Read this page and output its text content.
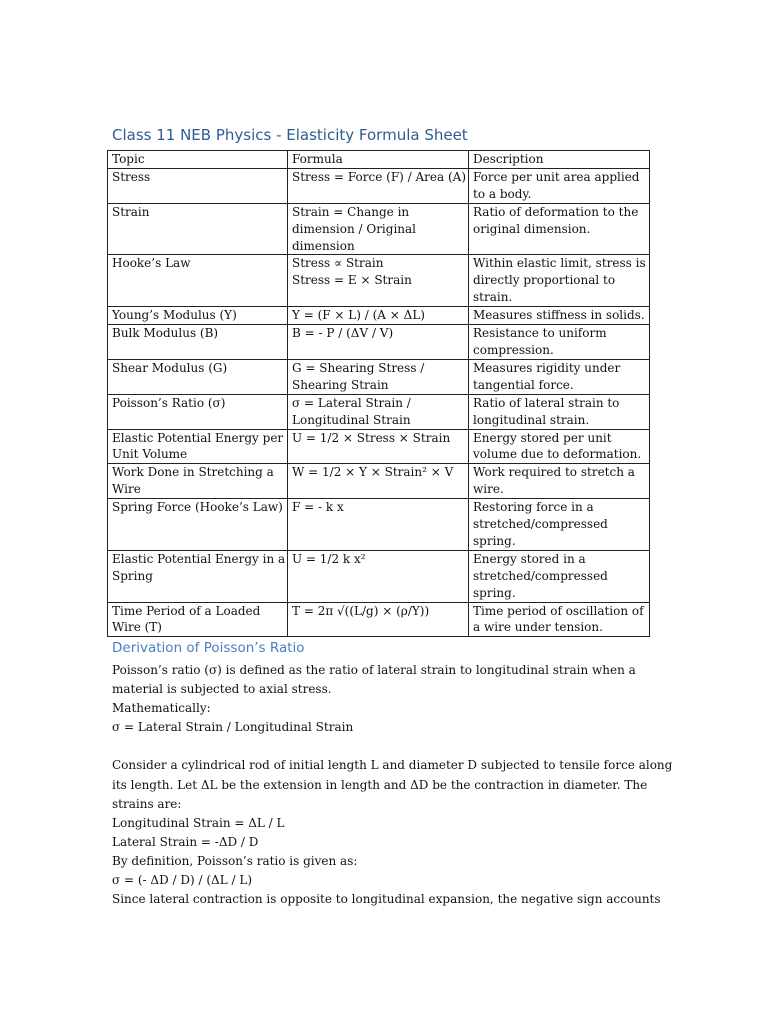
Class 11 NEB Physics - Elasticity Formula Sheet
Topic	Formula	Description

Stress	Stress = Force (F) / Area (A)	Force per unit area applied
to a body.

Strain	Strain = Change in
dimension / Original
dimension	Ratio of deformation to the
original dimension.

Hooke’s Law	Stress ∝ Strain
Stress = E × Strain	Within elastic limit, stress is
directly proportional to
strain.

Young’s Modulus (Y)	Y = (F × L) / (A × ΔL)	Measures stiffness in solids.

Bulk Modulus (B)	B = - P / (ΔV / V)	Resistance to uniform
compression.

Shear Modulus (G)	G = Shearing Stress /
Shearing Strain	Measures rigidity under
tangential force.

Poisson’s Ratio (σ)	σ = Lateral Strain /
Longitudinal Strain	Ratio of lateral strain to
longitudinal strain.

Elastic Potential Energy per
Unit Volume	U = 1/2 × Stress × Strain	Energy stored per unit
volume due to deformation.

Work Done in Stretching a
Wire	W = 1/2 × Y × Strain² × V	Work required to stretch a
wire.

Spring Force (Hooke’s Law)	F = - k x	Restoring force in a
stretched/compressed
spring.

Elastic Potential Energy in a
Spring	U = 1/2 k x²	Energy stored in a
stretched/compressed
spring.

Time Period of a Loaded
Wire (T)	T = 2π √((L/g) × (ρ/Y))	Time period of oscillation of
a wire under tension.
Derivation of Poisson’s Ratio
Poisson’s ratio (σ) is defined as the ratio of lateral strain to longitudinal strain when a
material is subjected to axial stress.
Mathematically:
σ = Lateral Strain / Longitudinal Strain
Consider a cylindrical rod of initial length L and diameter D subjected to tensile force along
its length. Let ΔL be the extension in length and ΔD be the contraction in diameter. The
strains are:
Longitudinal Strain = ΔL / L
Lateral Strain = -ΔD / D
By definition, Poisson’s ratio is given as:
σ = (- ΔD / D) / (ΔL / L)
Since lateral contraction is opposite to longitudinal expansion, the negative sign accounts
